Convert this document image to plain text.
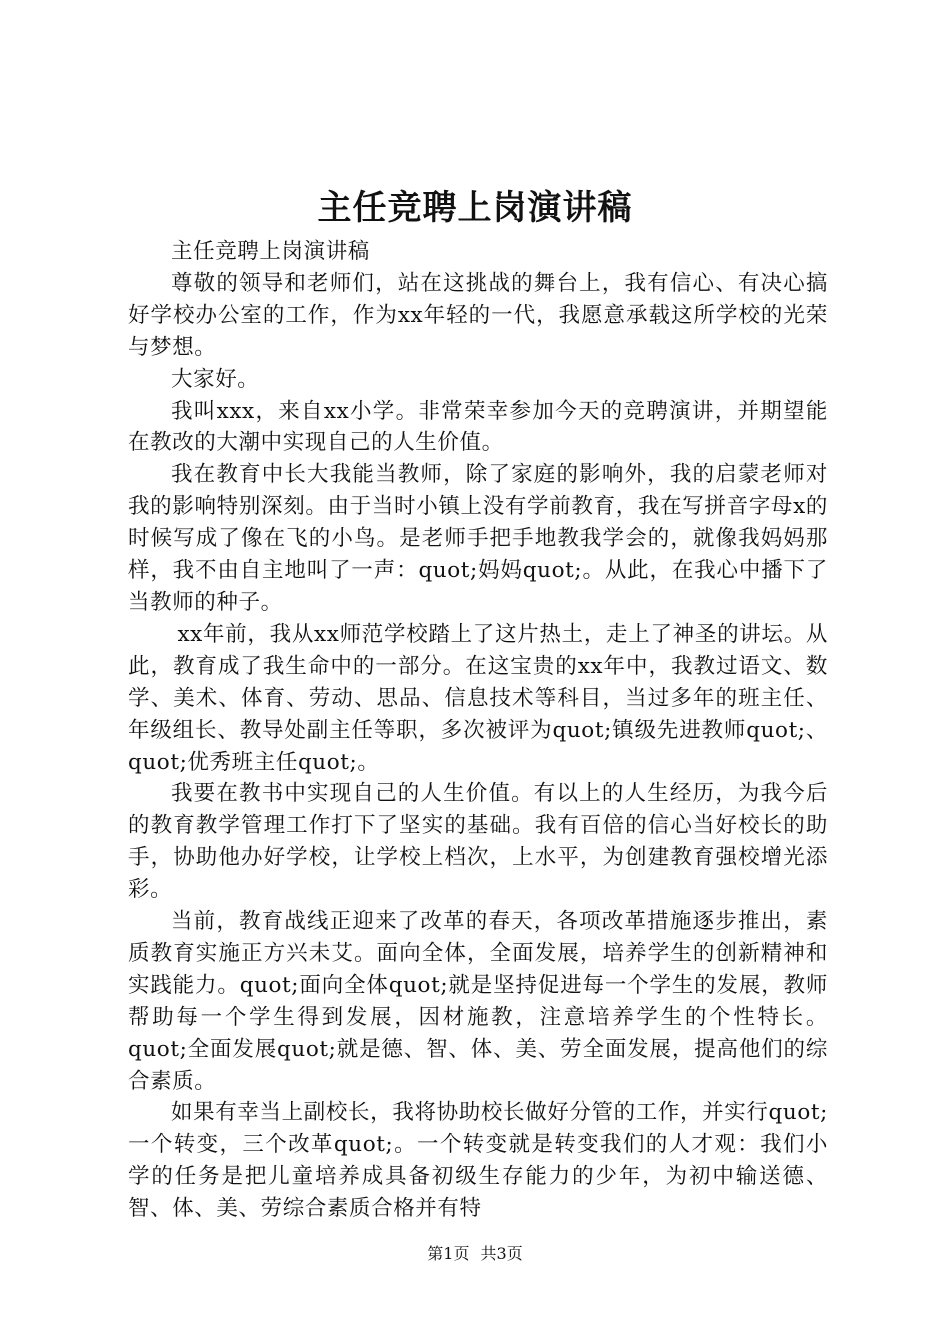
主任竞聘上岗演讲稿

主任竞聘上岗演讲稿

尊敬的领导和老师们，站在这挑战的舞台上，我有信心、有决心搞好学校办公室的工作，作为xx年轻的一代，我愿意承载这所学校的光荣与梦想。

大家好。

我叫xxx，来自xx小学。非常荣幸参加今天的竞聘演讲，并期望能在教改的大潮中实现自己的人生价值。

我在教育中长大我能当教师，除了家庭的影响外，我的启蒙老师对我的影响特别深刻。由于当时小镇上没有学前教育，我在写拼音字母x的时候写成了像在飞的小鸟。是老师手把手地教我学会的，就像我妈妈那样，我不由自主地叫了一声：quot;妈妈quot;。从此，在我心中播下了当教师的种子。

xx年前，我从xx师范学校踏上了这片热土，走上了神圣的讲坛。从此，教育成了我生命中的一部分。在这宝贵的xx年中，我教过语文、数学、美术、体育、劳动、思品、信息技术等科目，当过多年的班主任、年级组长、教导处副主任等职，多次被评为quot;镇级先进教师quot;、quot;优秀班主任quot;。

我要在教书中实现自己的人生价值。有以上的人生经历，为我今后的教育教学管理工作打下了坚实的基础。我有百倍的信心当好校长的助手，协助他办好学校，让学校上档次，上水平，为创建教育强校增光添彩。

当前，教育战线正迎来了改革的春天，各项改革措施逐步推出，素质教育实施正方兴未艾。面向全体，全面发展，培养学生的创新精神和实践能力。quot;面向全体quot;就是坚持促进每一个学生的发展，教师帮助每一个学生得到发展，因材施教，注意培养学生的个性特长。quot;全面发展quot;就是德、智、体、美、劳全面发展，提高他们的综合素质。

如果有幸当上副校长，我将协助校长做好分管的工作，并实行quot;一个转变，三个改革quot;。一个转变就是转变我们的人才观：我们小学的任务是把儿童培养成具备初级生存能力的少年，为初中输送德、智、体、美、劳综合素质合格并有特

第1页 共3页
